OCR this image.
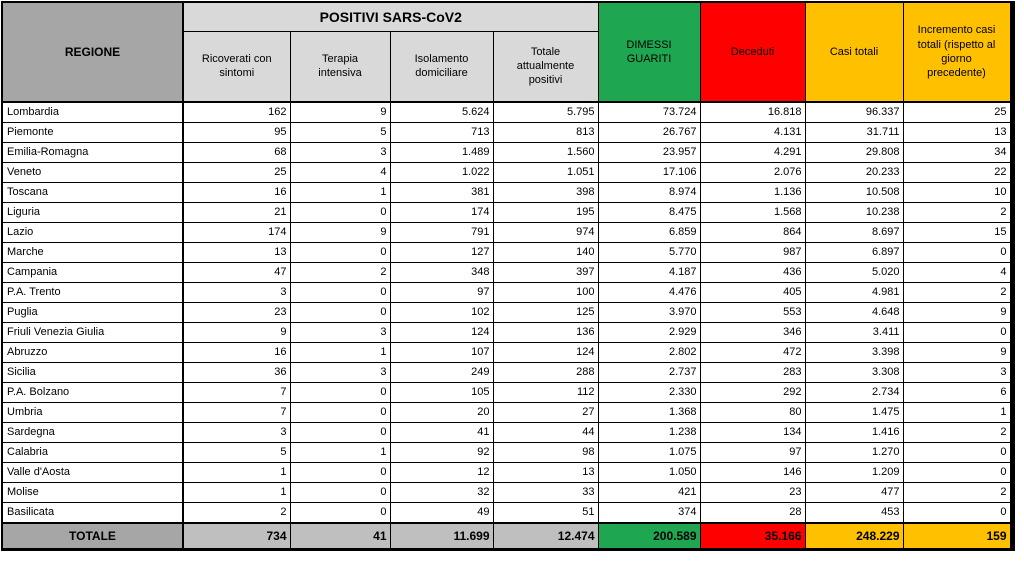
REGIONE	POSITIVI SARS-CoV2				DIMESSI GUARITI	Deceduti	Casi totali	Incremento casi totali (rispetto al giorno precedente)
	Ricoverati con sintomi	Terapia intensiva	Isolamento domiciliare	Totale attualmente positivi				
Lombardia	162	9	5.624	5.795	73.724	16.818	96.337	25
Piemonte	95	5	713	813	26.767	4.131	31.711	13
Emilia-Romagna	68	3	1.489	1.560	23.957	4.291	29.808	34
Veneto	25	4	1.022	1.051	17.106	2.076	20.233	22
Toscana	16	1	381	398	8.974	1.136	10.508	10
Liguria	21	0	174	195	8.475	1.568	10.238	2
Lazio	174	9	791	974	6.859	864	8.697	15
Marche	13	0	127	140	5.770	987	6.897	0
Campania	47	2	348	397	4.187	436	5.020	4
P.A. Trento	3	0	97	100	4.476	405	4.981	2
Puglia	23	0	102	125	3.970	553	4.648	9
Friuli Venezia Giulia	9	3	124	136	2.929	346	3.411	0
Abruzzo	16	1	107	124	2.802	472	3.398	9
Sicilia	36	3	249	288	2.737	283	3.308	3
P.A. Bolzano	7	0	105	112	2.330	292	2.734	6
Umbria	7	0	20	27	1.368	80	1.475	1
Sardegna	3	0	41	44	1.238	134	1.416	2
Calabria	5	1	92	98	1.075	97	1.270	0
Valle d'Aosta	1	0	12	13	1.050	146	1.209	0
Molise	1	0	32	33	421	23	477	2
Basilicata	2	0	49	51	374	28	453	0
TOTALE	734	41	11.699	12.474	200.589	35.166	248.229	159
